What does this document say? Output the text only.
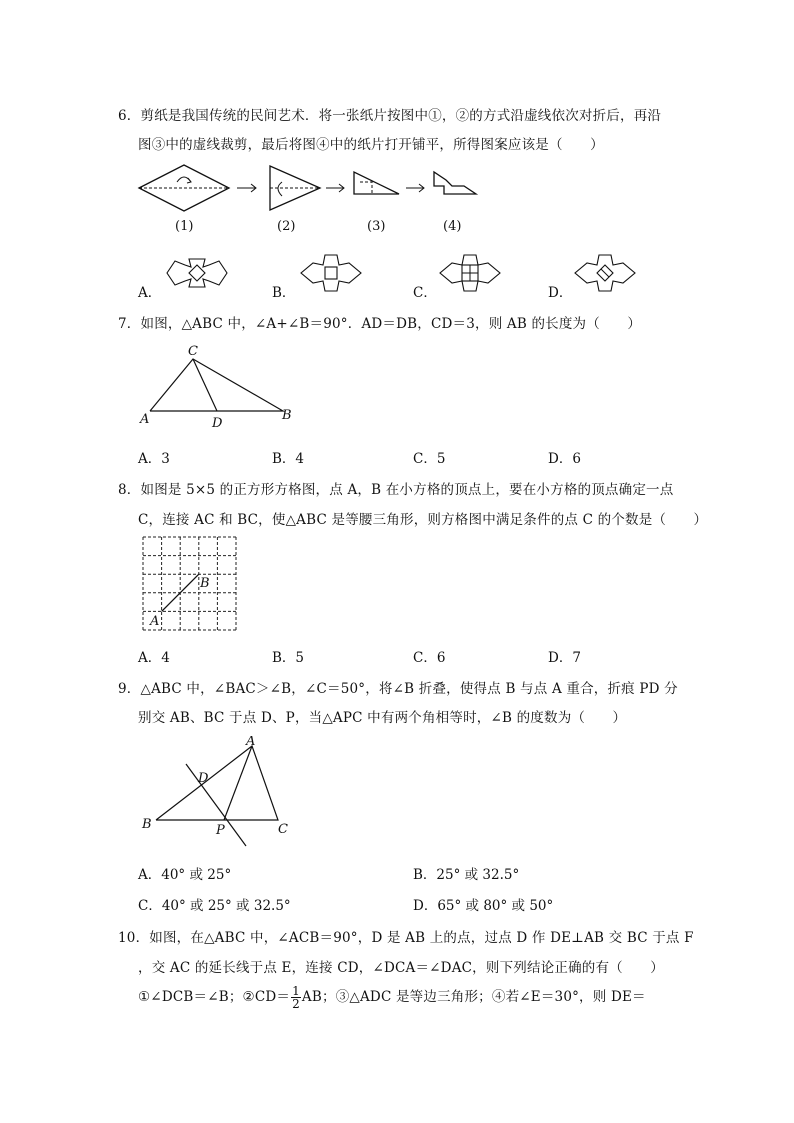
6．剪纸是我国传统的民间艺术．将一张纸片按图中①，②的方式沿虚线依次对折后，再沿
图③中的虚线裁剪，最后将图④中的纸片打开铺平，所得图案应该是（　　）
(1)	(2)	(3)	(4)
A．	B．	C．	D．
7．如图，△ABC 中，∠A+∠B＝90°．AD＝DB，CD＝3，则 AB 的长度为（　　）
C
A	B
D
A．3	B．4	C．5	D．6
8．如图是 5×5 的正方形方格图，点 A，B 在小方格的顶点上，要在小方格的顶点确定一点
C，连接 AC 和 BC，使△ABC 是等腰三角形，则方格图中满足条件的点 C 的个数是（　　）
A
B
A．4	B．5	C．6	D．7
9．△ABC 中，∠BAC＞∠B，∠C＝50°，将∠B 折叠，使得点 B 与点 A 重合，折痕 PD 分
别交 AB、BC 于点 D、P，当△APC 中有两个角相等时，∠B 的度数为（　　）
A
D
B	P	C
A．40° 或 25°	B．25° 或 32.5°
C．40° 或 25° 或 32.5°	D．65° 或 80° 或 50°
10．如图，在△ABC 中，∠ACB＝90°，D 是 AB 上的点，过点 D 作 DE⊥AB 交 BC 于点 F
，交 AC 的延长线于点 E，连接 CD，∠DCA＝∠DAC，则下列结论正确的有（　　）
①∠DCB＝∠B；②CD＝ $\frac{1}{2}$ AB；③△ADC 是等边三角形；④若∠E＝30°，则 DE＝
